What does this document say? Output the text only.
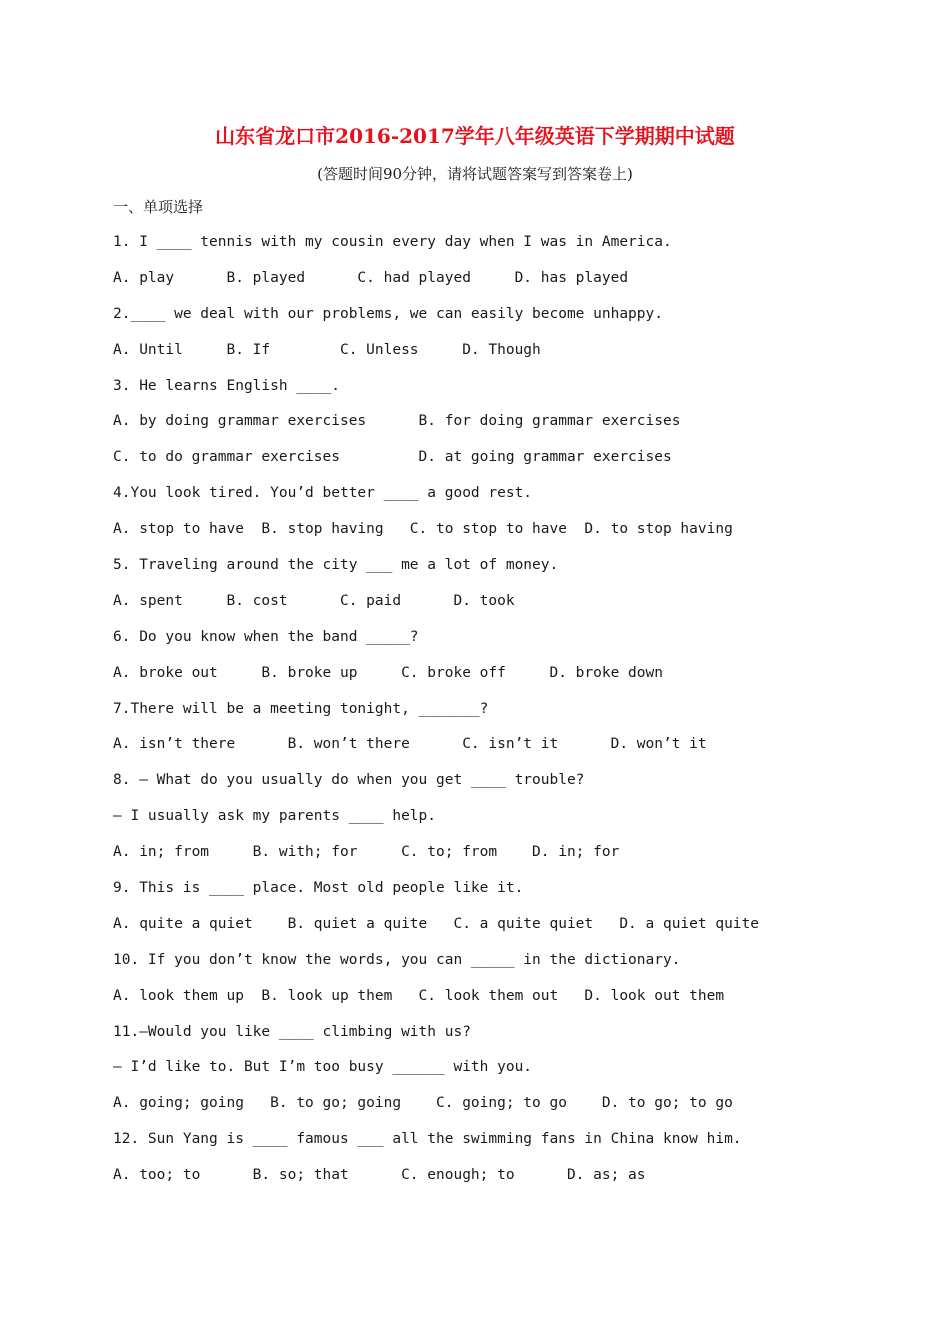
山东省龙口市2016-2017学年八年级英语下学期期中试题
(答题时间90分钟，请将试题答案写到答案卷上)
一、单项选择
1. I ____ tennis with my cousin every day when I was in America.
A. play      B. played      C. had played     D. has played
2.____ we deal with our problems, we can easily become unhappy.
A. Until     B. If        C. Unless     D. Though
3. He learns English ____.
A. by doing grammar exercises      B. for doing grammar exercises
C. to do grammar exercises         D. at going grammar exercises
4.You look tired. You’d better ____ a good rest.
A. stop to have  B. stop having   C. to stop to have  D. to stop having
5. Traveling around the city ___ me a lot of money.
A. spent     B. cost      C. paid      D. took
6. Do you know when the band _____?
A. broke out     B. broke up     C. broke off     D. broke down
7.There will be a meeting tonight, _______?
A. isn’t there      B. won’t there      C. isn’t it      D. won’t it
8. — What do you usually do when you get ____ trouble?
— I usually ask my parents ____ help.
A. in; from     B. with; for     C. to; from    D. in; for
9. This is ____ place. Most old people like it.
A. quite a quiet    B. quiet a quite   C. a quite quiet   D. a quiet quite
10. If you don’t know the words, you can _____ in the dictionary.
A. look them up  B. look up them   C. look them out   D. look out them
11.—Would you like ____ climbing with us?
— I’d like to. But I’m too busy ______ with you.
A. going; going   B. to go; going    C. going; to go    D. to go; to go
12. Sun Yang is ____ famous ___ all the swimming fans in China know him.
A. too; to      B. so; that      C. enough; to      D. as; as
